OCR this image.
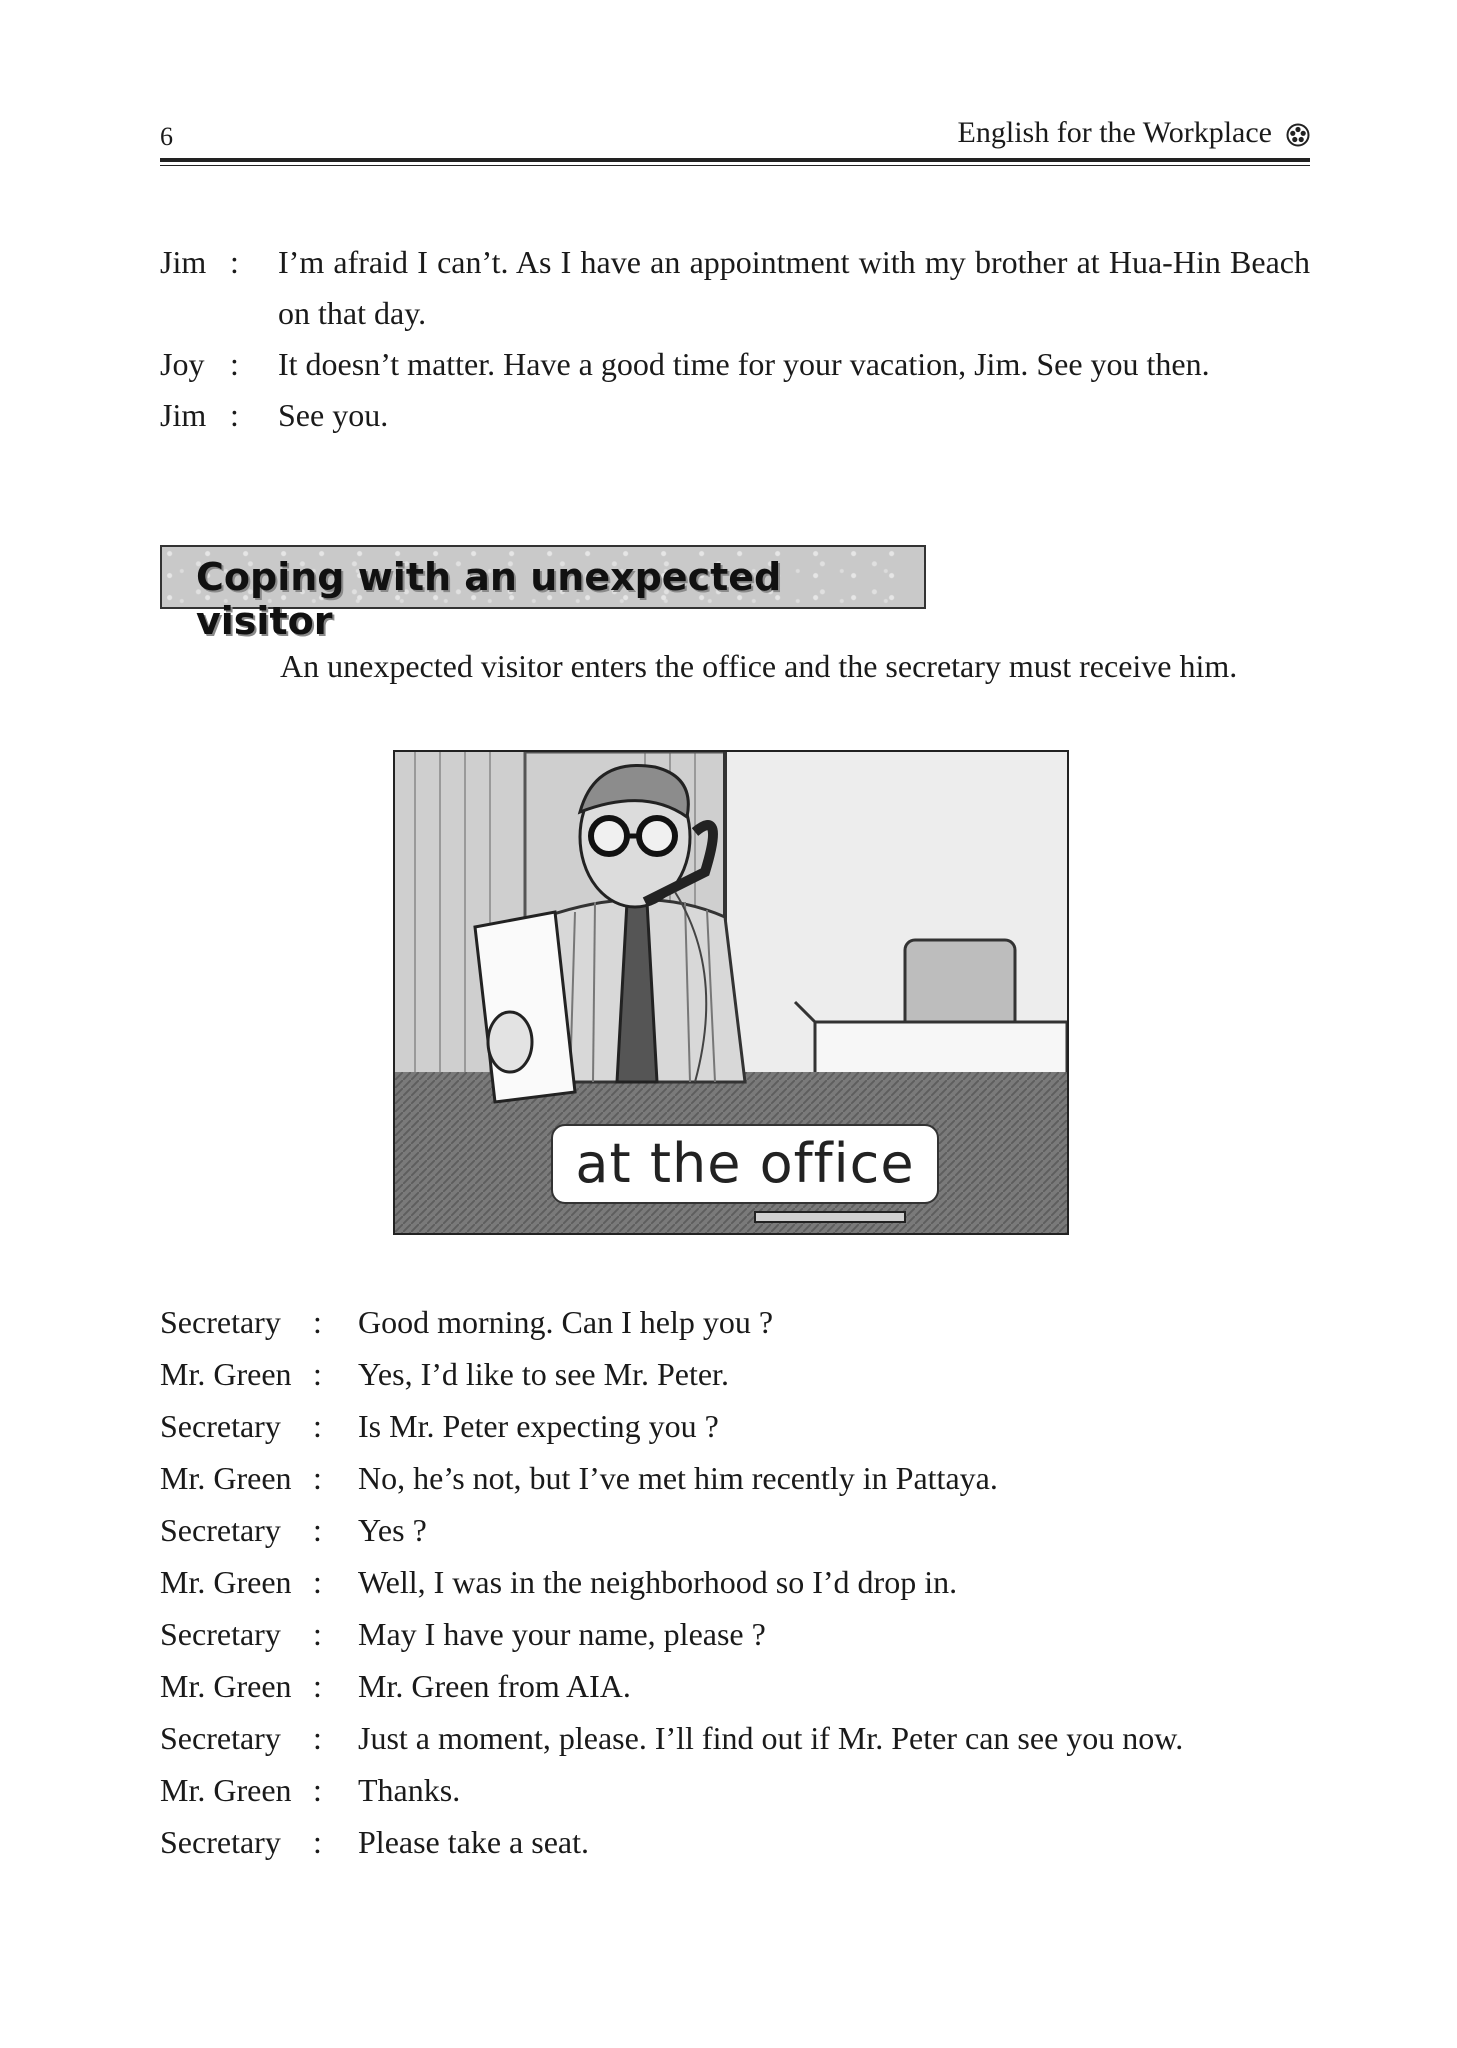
6	English for the Workplace
Jim :	I’m afraid I can’t. As I have an appointment with my brother at Hua-Hin Beach on that day.
Joy :	It doesn’t matter. Have a good time for your vacation, Jim. See you then.
Jim :	See you.
Coping with an unexpected visitor
An unexpected visitor enters the office and the secretary must receive him.
at the office
Secretary	:	Good morning. Can I help you ?
Mr. Green :	Yes, I’d like to see Mr. Peter.
Secretary	:	Is Mr. Peter expecting you ?
Mr. Green :	No, he’s not, but I’ve met him recently in Pattaya.
Secretary	:	Yes ?
Mr. Green :	Well, I was in the neighborhood so I’d drop in.
Secretary	:	May I have your name, please ?
Mr. Green :	Mr. Green from AIA.
Secretary	:	Just a moment, please. I’ll find out if Mr. Peter can see you now.
Mr. Green :	Thanks.
Secretary	:	Please take a seat.
